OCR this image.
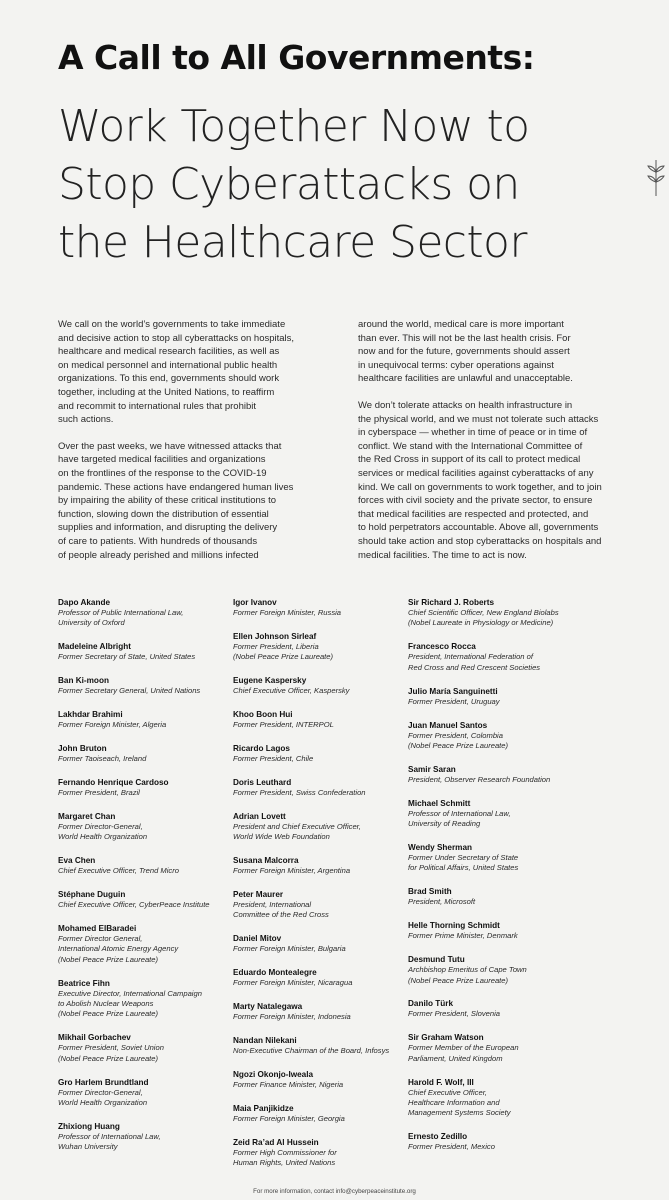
A Call to All Governments:
Work Together Now to
Stop Cyberattacks on
the Healthcare Sector

We call on the world’s governments to take immediate
and decisive action to stop all cyberattacks on hospitals,
healthcare and medical research facilities, as well as
on medical personnel and international public health
organizations. To this end, governments should work
together, including at the United Nations, to reaffirm
and recommit to international rules that prohibit
such actions.

Over the past weeks, we have witnessed attacks that
have targeted medical facilities and organizations
on the frontlines of the response to the COVID-19
pandemic. These actions have endangered human lives
by impairing the ability of these critical institutions to
function, slowing down the distribution of essential
supplies and information, and disrupting the delivery
of care to patients. With hundreds of thousands
of people already perished and millions infected

around the world, medical care is more important
than ever. This will not be the last health crisis. For
now and for the future, governments should assert
in unequivocal terms: cyber operations against
healthcare facilities are unlawful and unacceptable.

We don’t tolerate attacks on health infrastructure in
the physical world, and we must not tolerate such attacks
in cyberspace — whether in time of peace or in time of
conflict. We stand with the International Committee of
the Red Cross in support of its call to protect medical
services or medical facilities against cyberattacks of any
kind. We call on governments to work together, and to join
forces with civil society and the private sector, to ensure
that medical facilities are respected and protected, and
to hold perpetrators accountable. Above all, governments
should take action and stop cyberattacks on hospitals and
medical facilities. The time to act is now.

Dapo Akande
Professor of Public International Law,
University of Oxford
Madeleine Albright
Former Secretary of State, United States
Ban Ki-moon
Former Secretary General, United Nations
Lakhdar Brahimi
Former Foreign Minister, Algeria
John Bruton
Former Taoiseach, Ireland
Fernando Henrique Cardoso
Former President, Brazil
Margaret Chan
Former Director-General,
World Health Organization
Eva Chen
Chief Executive Officer, Trend Micro
Stéphane Duguin
Chief Executive Officer, CyberPeace Institute
Mohamed ElBaradei
Former Director General,
International Atomic Energy Agency
(Nobel Peace Prize Laureate)
Beatrice Fihn
Executive Director, International Campaign
to Abolish Nuclear Weapons
(Nobel Peace Prize Laureate)
Mikhail Gorbachev
Former President, Soviet Union
(Nobel Peace Prize Laureate)
Gro Harlem Brundtland
Former Director-General,
World Health Organization
Zhixiong Huang
Professor of International Law,
Wuhan University
Igor Ivanov
Former Foreign Minister, Russia
Ellen Johnson Sirleaf
Former President, Liberia
(Nobel Peace Prize Laureate)
Eugene Kaspersky
Chief Executive Officer, Kaspersky
Khoo Boon Hui
Former President, INTERPOL
Ricardo Lagos
Former President, Chile
Doris Leuthard
Former President, Swiss Confederation
Adrian Lovett
President and Chief Executive Officer,
World Wide Web Foundation
Susana Malcorra
Former Foreign Minister, Argentina
Peter Maurer
President, International
Committee of the Red Cross
Daniel Mitov
Former Foreign Minister, Bulgaria
Eduardo Montealegre
Former Foreign Minister, Nicaragua
Marty Natalegawa
Former Foreign Minister, Indonesia
Nandan Nilekani
Non-Executive Chairman of the Board, Infosys
Ngozi Okonjo-Iweala
Former Finance Minister, Nigeria
Maia Panjikidze
Former Foreign Minister, Georgia
Zeid Ra’ad Al Hussein
Former High Commissioner for
Human Rights, United Nations
Sir Richard J. Roberts
Chief Scientific Officer, New England Biolabs
(Nobel Laureate in Physiology or Medicine)
Francesco Rocca
President, International Federation of
Red Cross and Red Crescent Societies
Julio María Sanguinetti
Former President, Uruguay
Juan Manuel Santos
Former President, Colombia
(Nobel Peace Prize Laureate)
Samir Saran
President, Observer Research Foundation
Michael Schmitt
Professor of International Law,
University of Reading
Wendy Sherman
Former Under Secretary of State
for Political Affairs, United States
Brad Smith
President, Microsoft
Helle Thorning Schmidt
Former Prime Minister, Denmark
Desmund Tutu
Archbishop Emeritus of Cape Town
(Nobel Peace Prize Laureate)
Danilo Türk
Former President, Slovenia
Sir Graham Watson
Former Member of the European
Parliament, United Kingdom
Harold F. Wolf, III
Chief Executive Officer,
Healthcare Information and
Management Systems Society
Ernesto Zedillo
Former President, Mexico
For more information, contact info@cyberpeaceinstitute.org
